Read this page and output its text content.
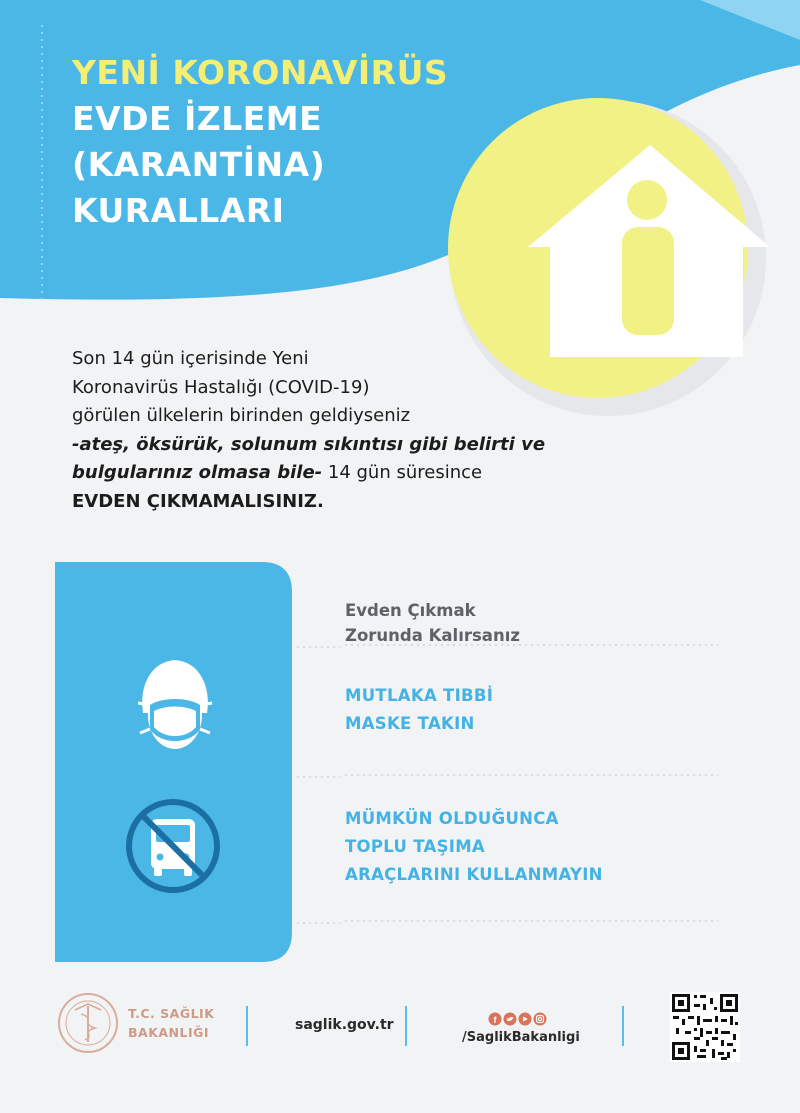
YENİ KORONAVİRÜS
EVDE İZLEME
(KARANTİNA)
KURALLARI
Son 14 gün içerisinde Yeni
Koronavirüs Hastalığı (COVID-19)
görülen ülkelerin birinden geldiyseniz
-ateş, öksürük, solunum sıkıntısı gibi belirti ve
bulgularınız olmasa bile- 14 gün süresince
EVDEN ÇIKMAMALISINIZ.
Evden Çıkmak
Zorunda Kalırsanız
MUTLAKA TIBBİ
MASKE TAKIN
MÜMKÜN OLDUĞUNCA
TOPLU TAŞIMA
ARAÇLARINI KULLANMAYIN
T.C. SAĞLIK
BAKANLIĞI	saglik.gov.tr	f
/SaglikBakanligi
